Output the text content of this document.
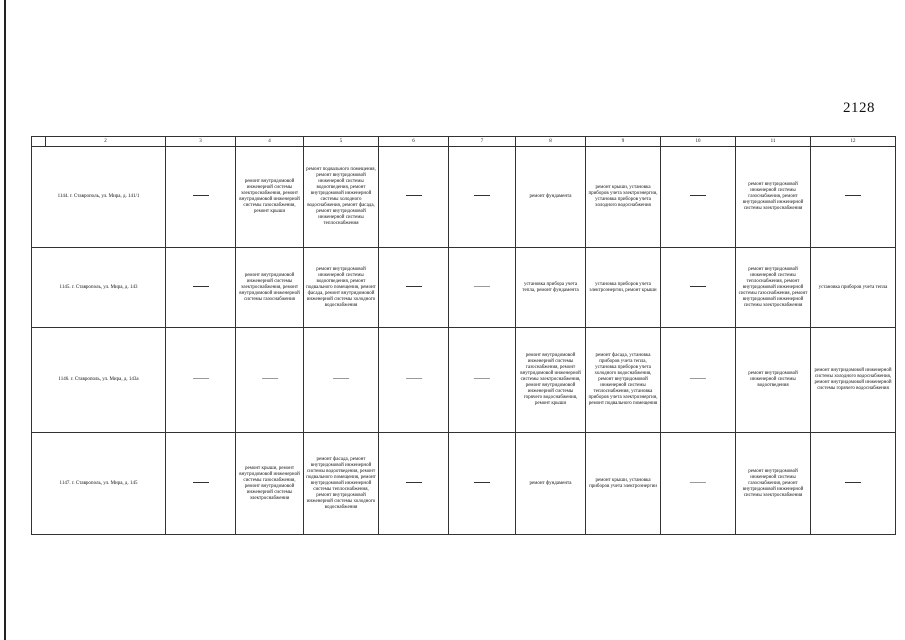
2128
	2	3	4	5	6	7	8	9	10	11	12
1144. г. Ставрополь, ул. Мира, д. 141/1			ремонт внутридомовой инженерной системы электроснабжения, ремонт внутридомовой инженерной системы газоснабжения, ремонт крыши	ремонт подвального помещения, ремонт внутридомовой инженерной системы водоотведения, ремонт внутридомовой инженерной системы холодного водоснабжения, ремонт фасада, ремонт внутридомовой инженерной системы теплоснабжения			ремонт фундамента	ремонт крыши, установка приборов учета электроэнергии, установка приборов учета холодного водоснабжения		ремонт внутридомовой инженерной системы газоснабжения, ремонт внутридомовой инженерной системы электроснабжения	
1145. г. Ставрополь, ул. Мира, д. 143			ремонт внутридомовой инженерной системы электроснабжения, ремонт внутридомовой инженерной системы газоснабжения	ремонт внутридомовой инженерной системы водоотведения, ремонт подвального помещения, ремонт фасада, ремонт внутридомовой инженерной системы холодного водоснабжения			установка прибора учета тепла, ремонт фундамента	установка приборов учета электроэнергии, ремонт крыши		ремонт внутридомовой инженерной системы теплоснабжения, ремонт внутридомовой инженерной системы газоснабжения, ремонт внутридомовой инженерной системы электроснабжения	установка приборов учета тепла
1146. г. Ставрополь, ул. Мира, д. 143а							ремонт внутридомовой инженерной системы газоснабжения, ремонт внутридомовой инженерной системы электроснабжения, ремонт внутридомовой инженерной системы горячего водоснабжения, ремонт крыши	ремонт фасада, установка приборов учета тепла, установка приборов учета холодного водоснабжения, ремонт внутридомовой инженерной системы теплоснабжения, установка приборов учета электроэнергии, ремонт подвального помещения		ремонт внутридомовой инженерной системы водоотведения	ремонт внутридомовой инженерной системы холодного водоснабжения, ремонт внутридомовой инженерной системы горячего водоснабжения
1147. г. Ставрополь, ул. Мира, д. 145			ремонт крыши, ремонт внутридомовой инженерной системы газоснабжения, ремонт внутридомовой инженерной системы электроснабжения	ремонт фасада, ремонт внутридомовой инженерной системы водоотведения, ремонт подвального помещения, ремонт внутридомовой инженерной системы теплоснабжения, ремонт внутридомовой инженерной системы холодного водоснабжения			ремонт фундамента	ремонт крыши, установка приборов учета электроэнергии		ремонт внутридомовой инженерной системы газоснабжения, ремонт внутридомовой инженерной системы электроснабжения	
